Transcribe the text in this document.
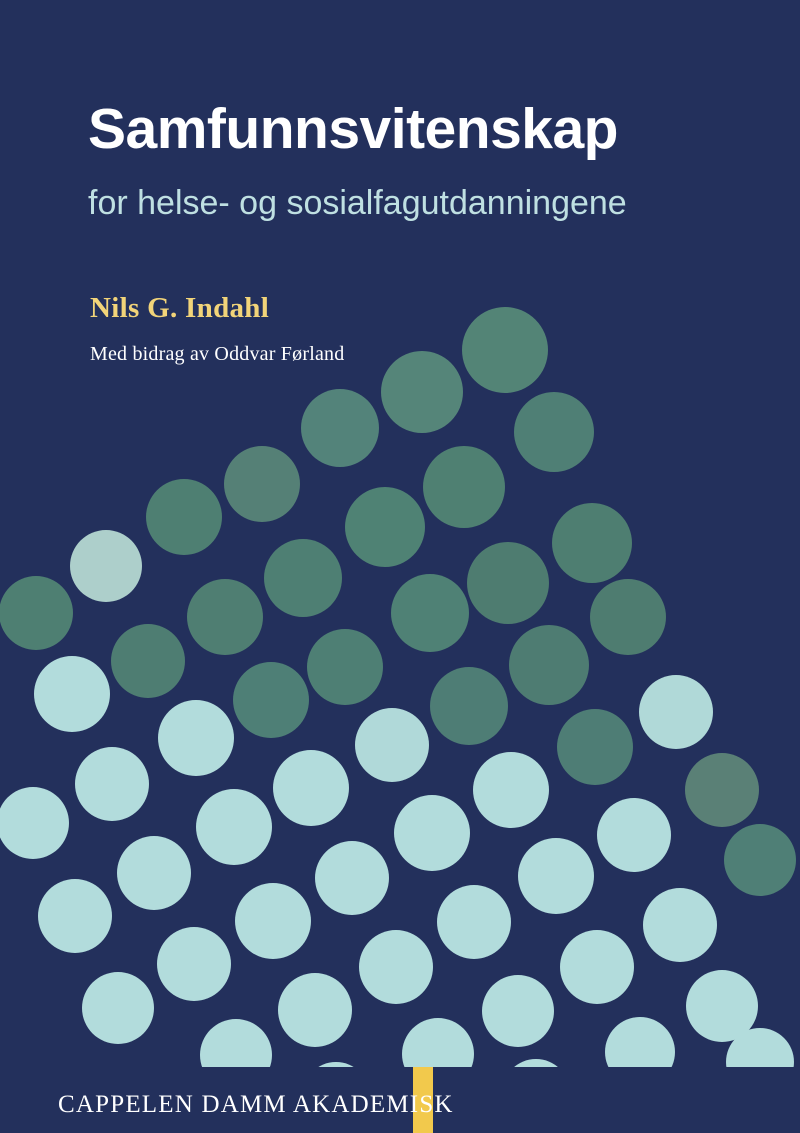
Samfunnsvitenskap
for helse- og sosialfagutdanningene
Nils G. Indahl
Med bidrag av Oddvar Førland
CAPPELEN DAMM AKADEMISK
